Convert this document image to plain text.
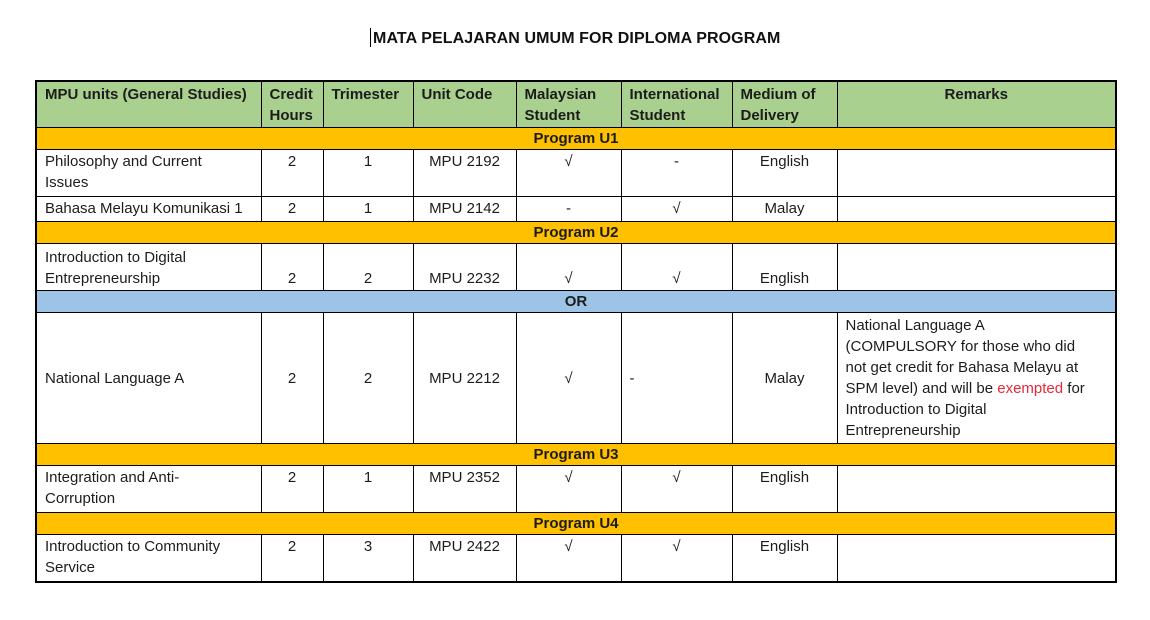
MATA PELAJARAN UMUM FOR DIPLOMA PROGRAM
MPU units (General Studies)	Credit Hours	Trimester	Unit Code	Malaysian Student	International Student	Medium of Delivery	Remarks
Program U1							
Philosophy and Current Issues	2	1	MPU 2192	√	-	English	
Bahasa Melayu Komunikasi 1	2	1	MPU 2142	-	√	Malay	
Program U2							
Introduction to Digital Entrepreneurship	2	2	MPU 2232	√	√	English	
OR							
National Language A	2	2	MPU 2212	√	-	Malay	National Language A (COMPULSORY for those who did not get credit for Bahasa Melayu at SPM level) and will be exempted for Introduction to Digital Entrepreneurship
Program U3							
Integration and Anti-Corruption	2	1	MPU 2352	√	√	English	
Program U4							
Introduction to Community Service	2	3	MPU 2422	√	√	English	
